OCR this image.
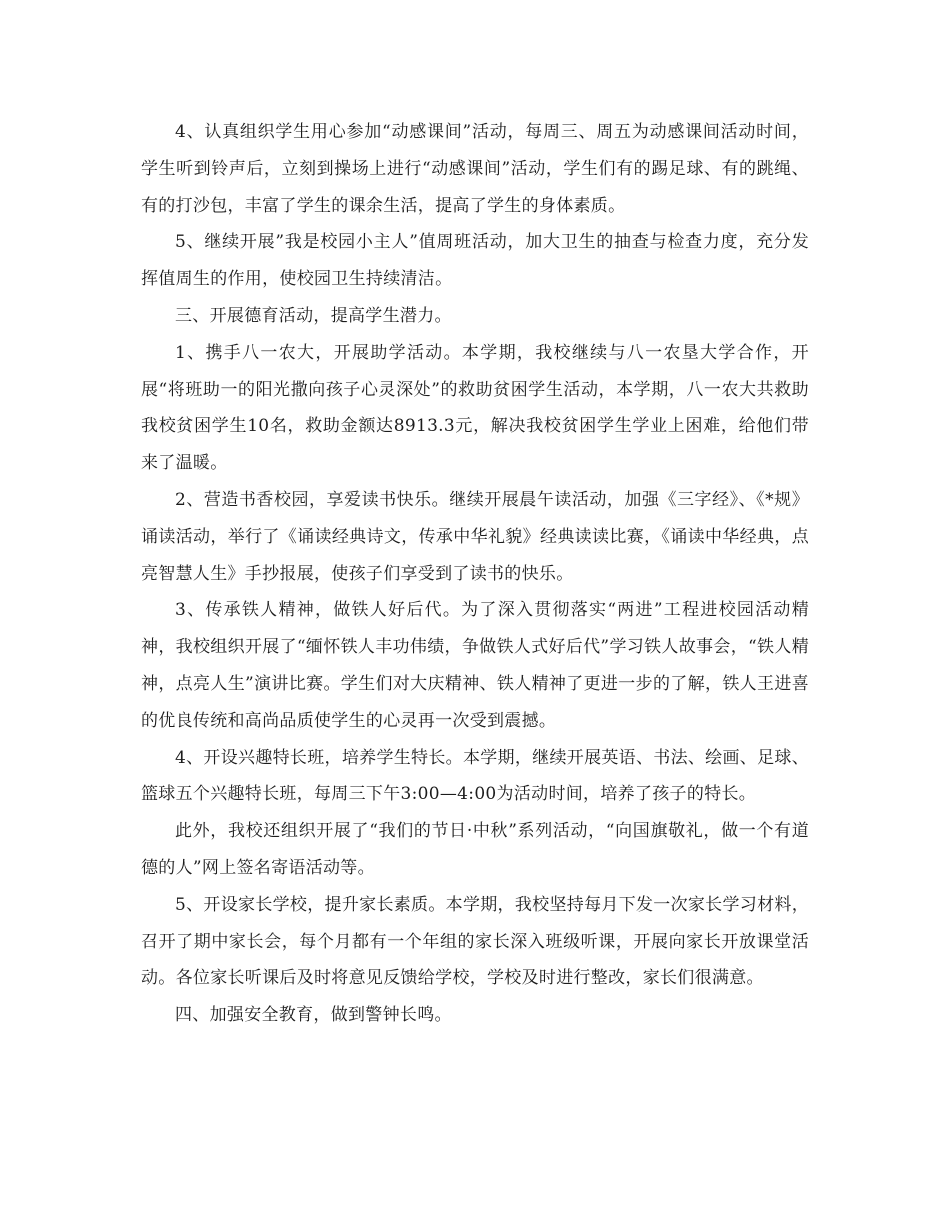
4、认真组织学生用心参加“动感课间”活动，每周三、周五为动感课间活动时间，学生听到铃声后，立刻到操场上进行“动感课间”活动，学生们有的踢足球、有的跳绳、有的打沙包，丰富了学生的课余生活，提高了学生的身体素质。

5、继续开展”我是校园小主人”值周班活动，加大卫生的抽查与检查力度，充分发挥值周生的作用，使校园卫生持续清洁。

三、开展德育活动，提高学生潜力。

1、携手八一农大，开展助学活动。本学期，我校继续与八一农垦大学合作，开展“将班助一的阳光撒向孩子心灵深处”的救助贫困学生活动，本学期，八一农大共救助我校贫困学生10名，救助金额达8913.3元，解决我校贫困学生学业上困难，给他们带来了温暖。

2、营造书香校园，享爱读书快乐。继续开展晨午读活动，加强《三字经》、《*规》诵读活动，举行了《诵读经典诗文，传承中华礼貌》经典读读比赛，《诵读中华经典，点亮智慧人生》手抄报展，使孩子们享受到了读书的快乐。

3、传承铁人精神，做铁人好后代。为了深入贯彻落实“两进”工程进校园活动精神，我校组织开展了“缅怀铁人丰功伟绩，争做铁人式好后代”学习铁人故事会，“铁人精神，点亮人生”演讲比赛。学生们对大庆精神、铁人精神了更进一步的了解，铁人王进喜的优良传统和高尚品质使学生的心灵再一次受到震撼。

4、开设兴趣特长班，培养学生特长。本学期，继续开展英语、书法、绘画、足球、篮球五个兴趣特长班，每周三下午3:00—4:00为活动时间，培养了孩子的特长。

此外，我校还组织开展了“我们的节日·中秋”系列活动，“向国旗敬礼，做一个有道德的人”网上签名寄语活动等。

5、开设家长学校，提升家长素质。本学期，我校坚持每月下发一次家长学习材料，召开了期中家长会，每个月都有一个年组的家长深入班级听课，开展向家长开放课堂活动。各位家长听课后及时将意见反馈给学校，学校及时进行整改，家长们很满意。

四、加强安全教育，做到警钟长鸣。
